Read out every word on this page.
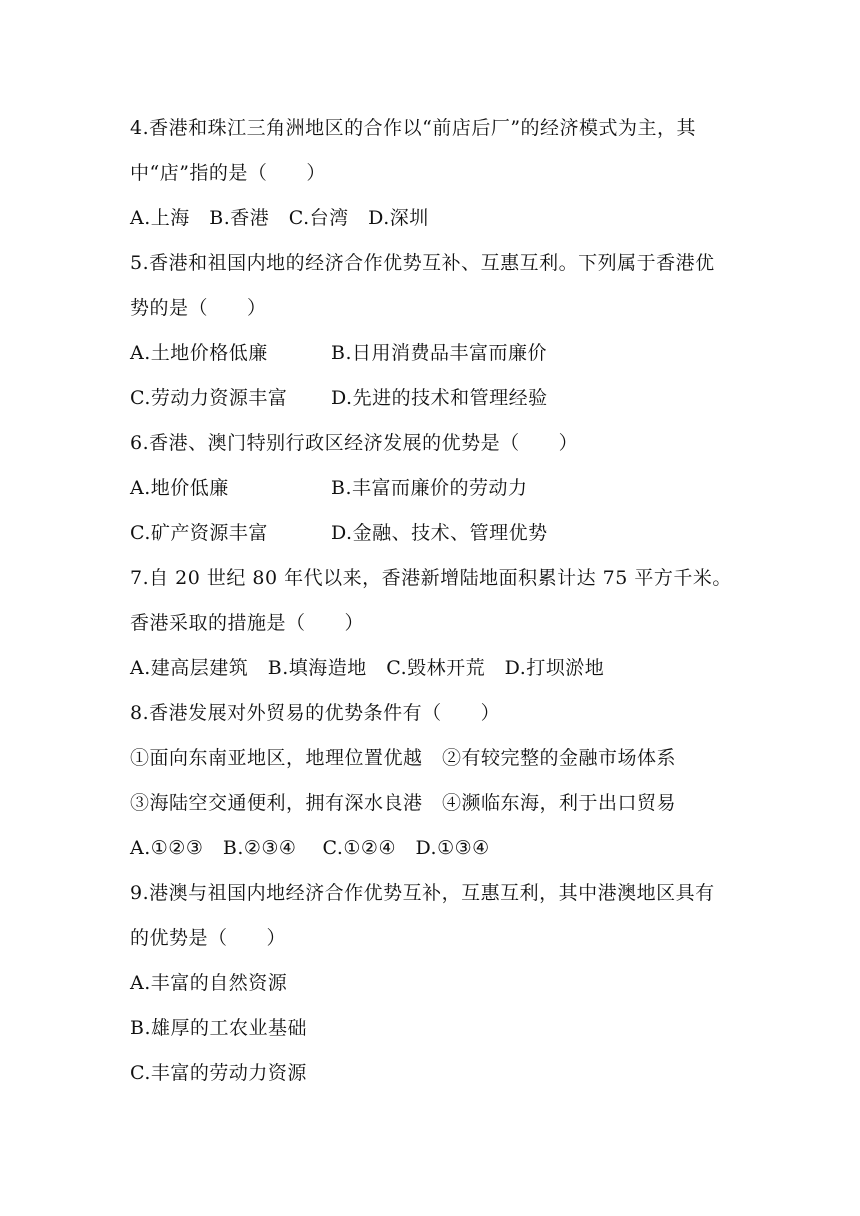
4.香港和珠江三角洲地区的合作以“前店后厂”的经济模式为主，其
中“店”指的是（　　）
A.上海　B.香港　C.台湾　D.深圳
5.香港和祖国内地的经济合作优势互补、互惠互利。下列属于香港优
势的是（　　）
A.土地价格低廉	B.日用消费品丰富而廉价
C.劳动力资源丰富 D.先进的技术和管理经验
6.香港、澳门特别行政区经济发展的优势是（　　）
A.地价低廉	B.丰富而廉价的劳动力
C.矿产资源丰富	D.金融、技术、管理优势
7.自 20 世纪 80 年代以来，香港新增陆地面积累计达 75 平方千米。
香港采取的措施是（　　）
A.建高层建筑　B.填海造地　C.毁林开荒　D.打坝淤地
8.香港发展对外贸易的优势条件有（　　）
①面向东南亚地区，地理位置优越　②有较完整的金融市场体系
③海陆空交通便利，拥有深水良港　④濒临东海，利于出口贸易
A.①②③　B.②③④　 C.①②④　D.①③④
9.港澳与祖国内地经济合作优势互补，互惠互利，其中港澳地区具有
的优势是（　　）
A.丰富的自然资源
B.雄厚的工农业基础
C.丰富的劳动力资源
